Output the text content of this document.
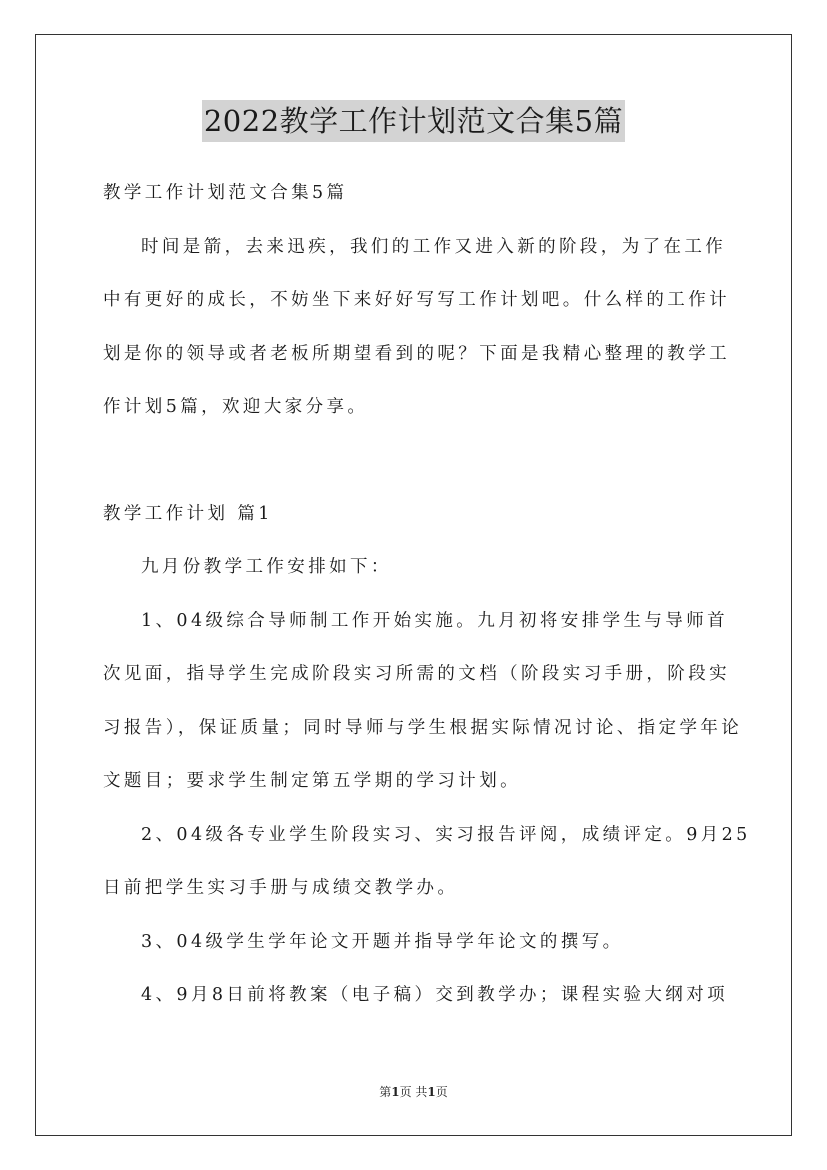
2022教学工作计划范文合集5篇
教学工作计划范文合集5篇
时间是箭，去来迅疾，我们的工作又进入新的阶段，为了在工作
中有更好的成长，不妨坐下来好好写写工作计划吧。什么样的工作计
划是你的领导或者老板所期望看到的呢？下面是我精心整理的教学工
作计划5篇，欢迎大家分享。
教学工作计划 篇1
九月份教学工作安排如下：
1、04级综合导师制工作开始实施。九月初将安排学生与导师首
次见面，指导学生完成阶段实习所需的文档（阶段实习手册，阶段实
习报告），保证质量；同时导师与学生根据实际情况讨论、指定学年论
文题目；要求学生制定第五学期的学习计划。
2、04级各专业学生阶段实习、实习报告评阅，成绩评定。9月25
日前把学生实习手册与成绩交教学办。
3、04级学生学年论文开题并指导学年论文的撰写。
4、9月8日前将教案（电子稿）交到教学办；课程实验大纲对项
第1页 共1页
